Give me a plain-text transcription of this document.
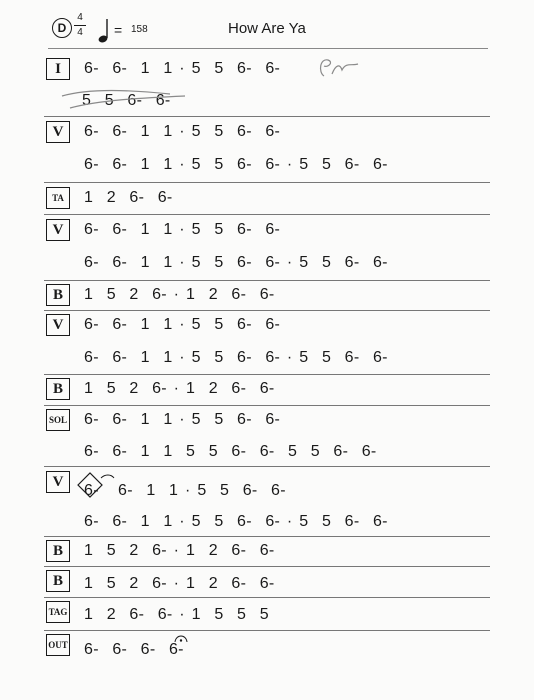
D
4
4 = 158	How Are Ya
I	6-  6-  1  1 · 5  5  6-  6-
5  5  6-  6-
V	6-  6-  1  1 · 5  5  6-  6-
6-  6-  1  1 · 5  5  6-  6- · 5  5  6-  6-
TA	1  2  6-  6-
V	6-  6-  1  1 · 5  5  6-  6-
6-  6-  1  1 · 5  5  6-  6- · 5  5  6-  6-
B	1  5  2  6- · 1  2  6-  6-
V	6-  6-  1  1 · 5  5  6-  6-
6-  6-  1  1 · 5  5  6-  6- · 5  5  6-  6-
B	1  5  2  6- · 1  2  6-  6-
SOL 6-  6-  1  1 · 5  5  6-  6-
6-  6-  1  1  5  5  6-  6-  5  5  6-  6-
V	6- 6-  1  1 · 5  5  6-  6-
6-  6-  1  1 · 5  5  6-  6- · 5  5  6-  6-
B	1  5  2  6- · 1  2  6-  6-
B	1  5  2  6- · 1  2  6-  6-
TAG 1  2  6-  6- · 1  5  5  5
OUT 6-  6-  6-  6-
